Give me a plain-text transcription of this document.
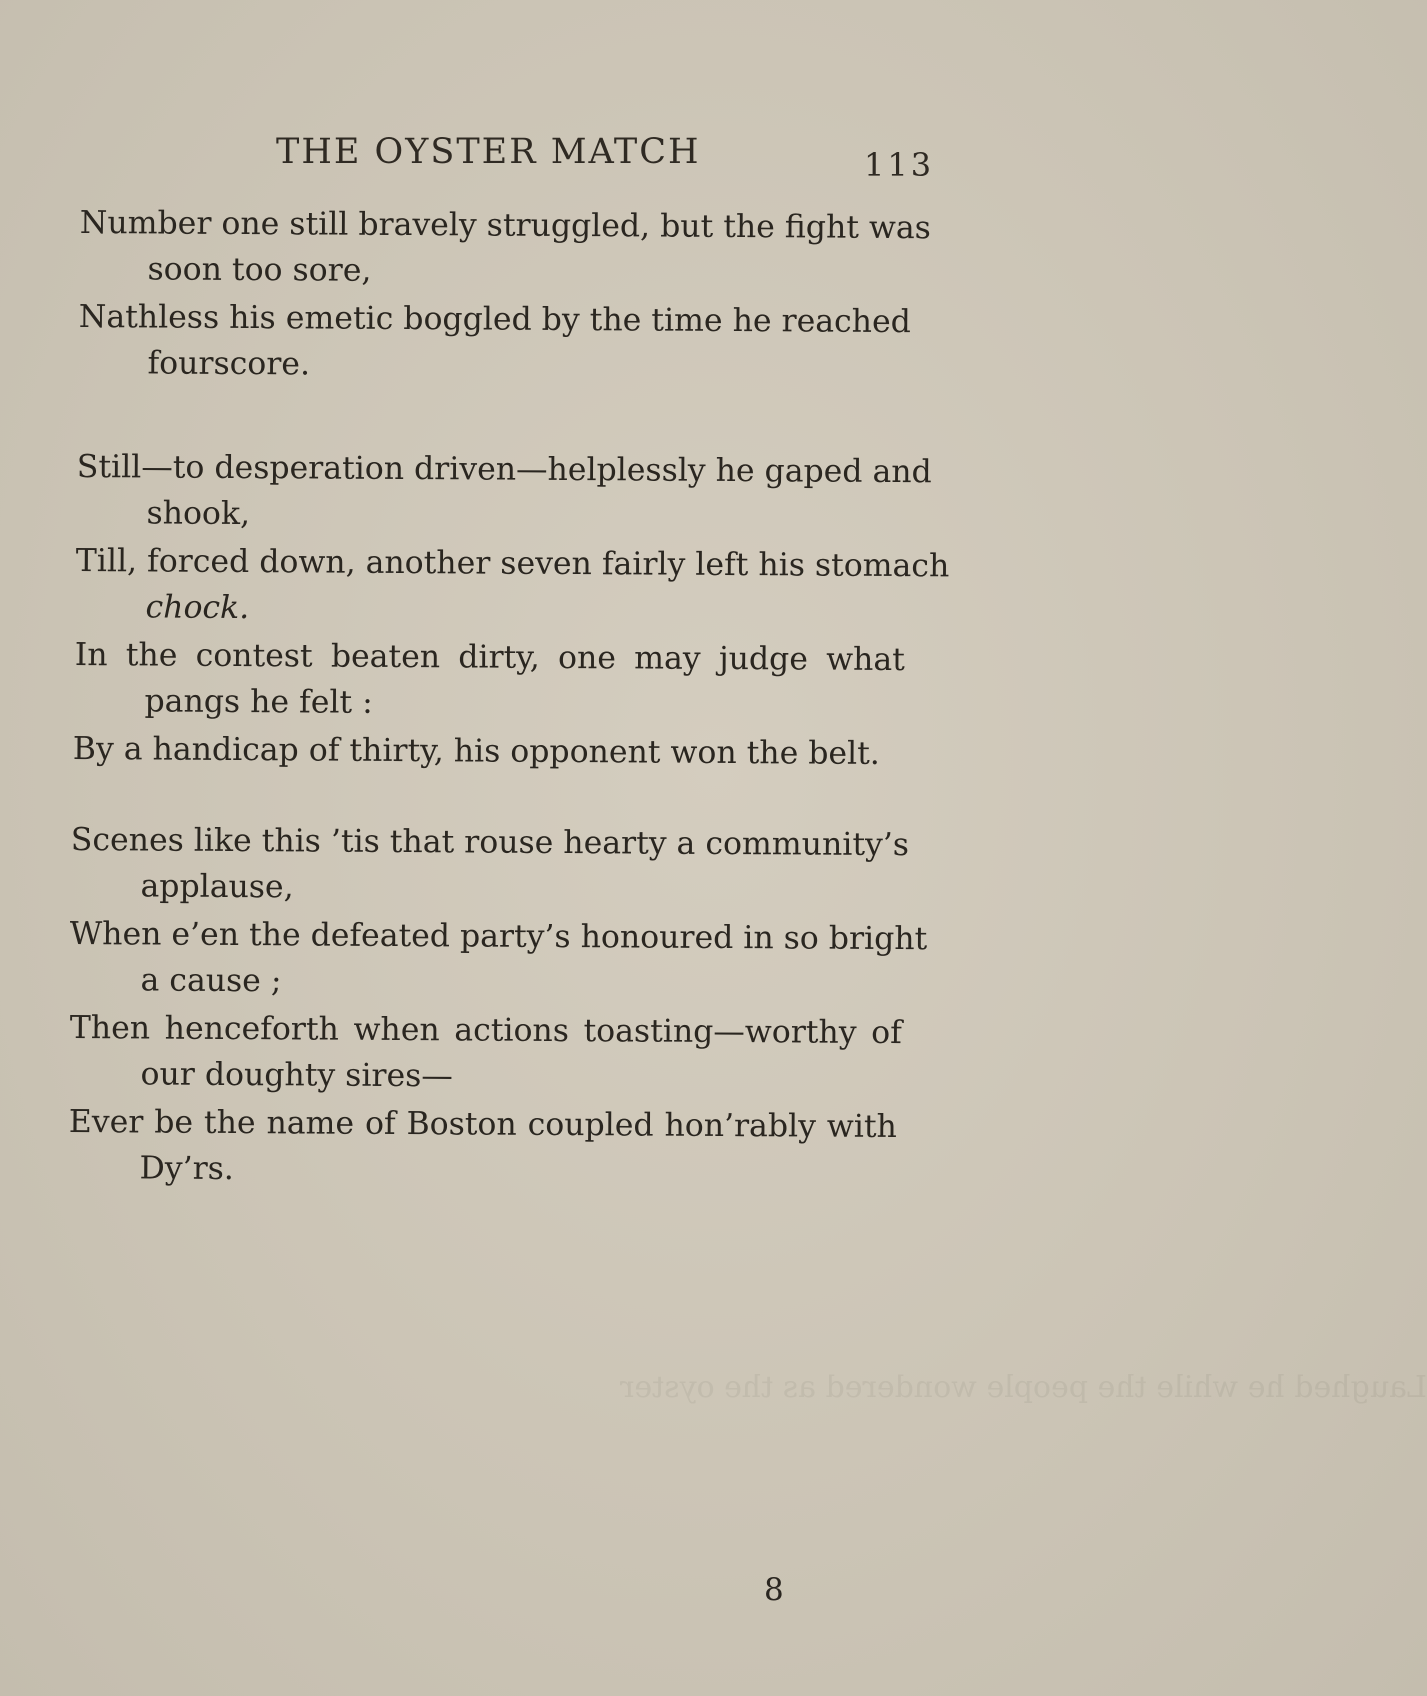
Laughed he while the people wondered as the oyster
THE OYSTER MATCH	113
Number one still bravely struggled, but the fight was
soon too sore,
Nathless his emetic boggled by the time he reached
fourscore.
Still—to desperation driven—helplessly he gaped and
shook,
Till, forced down, another seven fairly left his stomach
chock.
In the contest beaten dirty, one may judge what
pangs he felt :
By a handicap of thirty, his opponent won the belt.
Scenes like this ’tis that rouse hearty a community’s
applause,
When e’en the defeated party’s honoured in so bright
a cause ;
Then henceforth when actions toasting—worthy of
our doughty sires—
Ever be the name of Boston coupled hon’rably with
Dy’rs.
8
